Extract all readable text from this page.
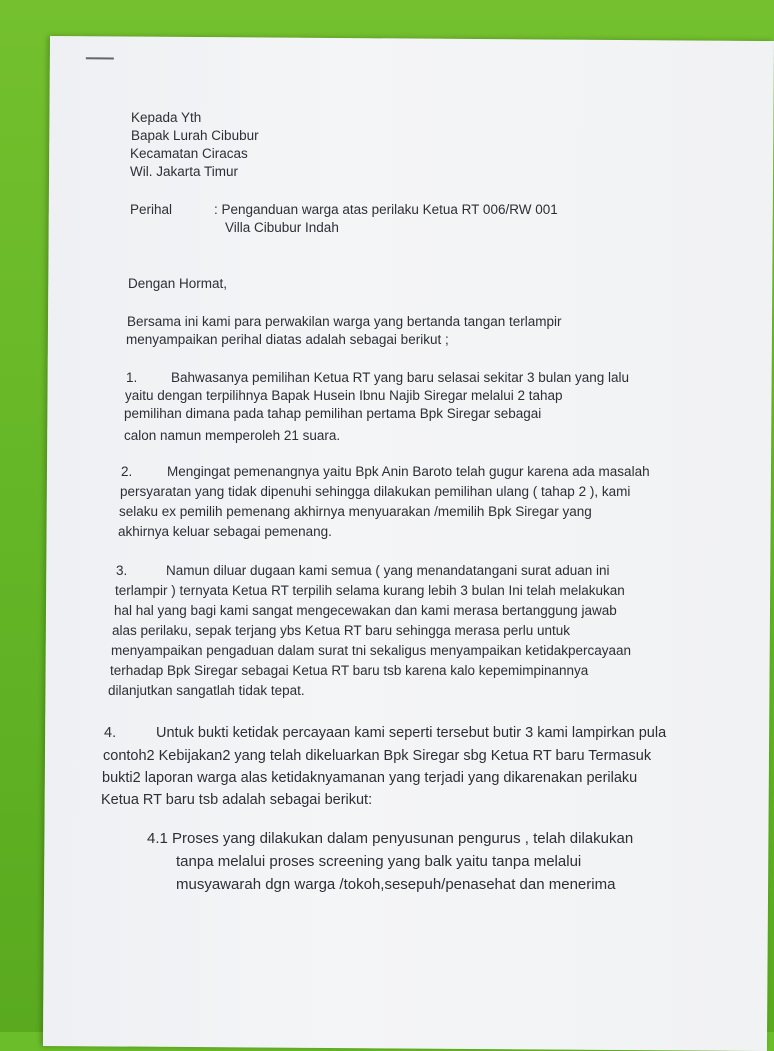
Kepada Yth
Bapak Lurah Cibubur
Kecamatan Ciracas
Wil. Jakarta Timur
Perihal	: Penganduan warga atas perilaku Ketua RT 006/RW 001
Villa Cibubur Indah
Dengan Hormat,
Bersama ini kami para perwakilan warga yang bertanda tangan terlampir
menyampaikan perihal diatas adalah sebagai berikut ;
1. Bahwasanya pemilihan Ketua RT yang baru selasai sekitar 3 bulan yang lalu
yaitu dengan terpilihnya Bapak Husein Ibnu Najib Siregar melalui 2 tahap
pemilihan dimana pada tahap pemilihan pertama Bpk Siregar sebagai
calon namun memperoleh 21 suara.
2.	Mengingat pemenangnya yaitu Bpk Anin Baroto telah gugur karena ada masalah
persyaratan yang tidak dipenuhi sehingga dilakukan pemilihan ulang ( tahap 2 ), kami
selaku ex pemilih pemenang akhirnya menyuarakan /memilih Bpk Siregar yang
akhirnya keluar sebagai pemenang.
3.	Namun diluar dugaan kami semua ( yang menandatangani surat aduan ini
terlampir ) ternyata Ketua RT terpilih selama kurang lebih 3 bulan Ini telah melakukan
hal hal yang bagi kami sangat mengecewakan dan kami merasa bertanggung jawab
alas perilaku, sepak terjang ybs Ketua RT baru sehingga merasa perlu untuk
menyampaikan pengaduan dalam surat tni sekaligus menyampaikan ketidakpercayaan
terhadap Bpk Siregar sebagai Ketua RT baru tsb karena kalo kepemimpinannya
dilanjutkan sangatlah tidak tepat.
4.	Untuk bukti ketidak percayaan kami seperti tersebut butir 3 kami lampirkan pula
contoh2 Kebijakan2 yang telah dikeluarkan Bpk Siregar sbg Ketua RT baru Termasuk
bukti2 laporan warga alas ketidaknyamanan yang terjadi yang dikarenakan perilaku
Ketua RT baru tsb adalah sebagai berikut:
4.1 Proses yang dilakukan dalam penyusunan pengurus , telah dilakukan
tanpa melalui proses screening yang balk yaitu tanpa melalui
musyawarah dgn warga /tokoh,sesepuh/penasehat dan menerima
